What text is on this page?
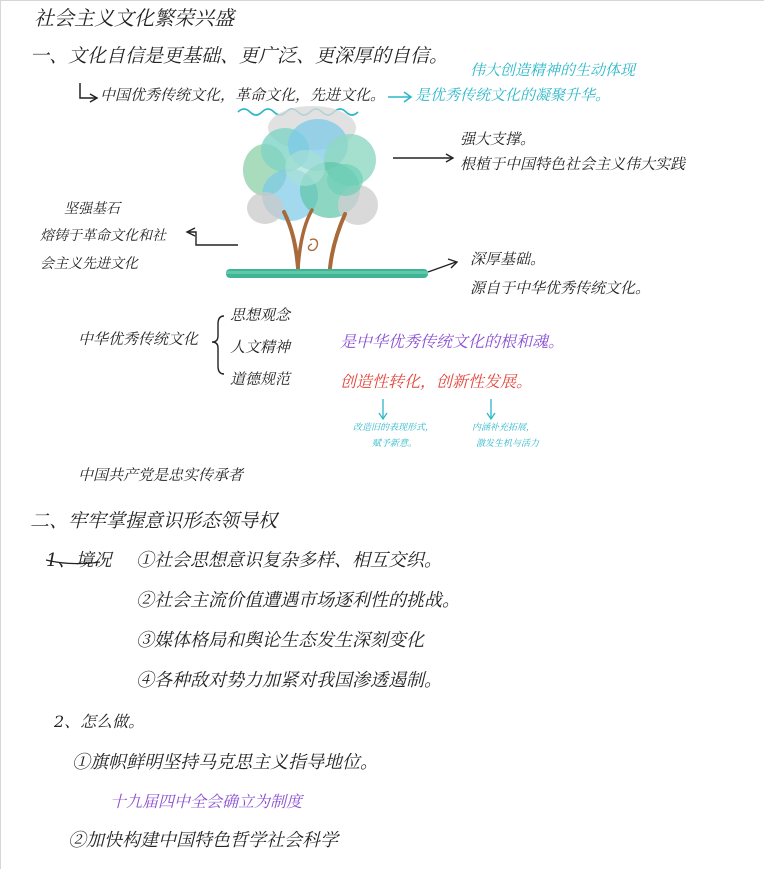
社会主义文化繁荣兴盛
一、文化自信是更基础、更广泛、更深厚的自信。
中国优秀传统文化，革命文化，先进文化。 是优秀传统文化的凝聚升华。
伟大创造精神的生动体现
强大支撑。
根植于中国特色社会主义伟大实践
坚强基石
熔铸于革命文化和社
会主义先进文化	深厚基础。
源自于中华优秀传统文化。
中华优秀传统文化
思想观念
人文精神
道德规范
是中华优秀传统文化的根和魂。
创造性转化，创新性发展。
改造旧的表现形式，
赋予新意。
内涵补充拓展，
激发生机与活力
中国共产党是忠实传承者
二、牢牢掌握意识形态领导权
1、境况 ①社会思想意识复杂多样、相互交织。
②社会主流价值遭遇市场逐利性的挑战。
③媒体格局和舆论生态发生深刻变化
④各种敌对势力加紧对我国渗透遏制。
2、怎么做。
①旗帜鲜明坚持马克思主义指导地位。
十九届四中全会确立为制度
②加快构建中国特色哲学社会科学
